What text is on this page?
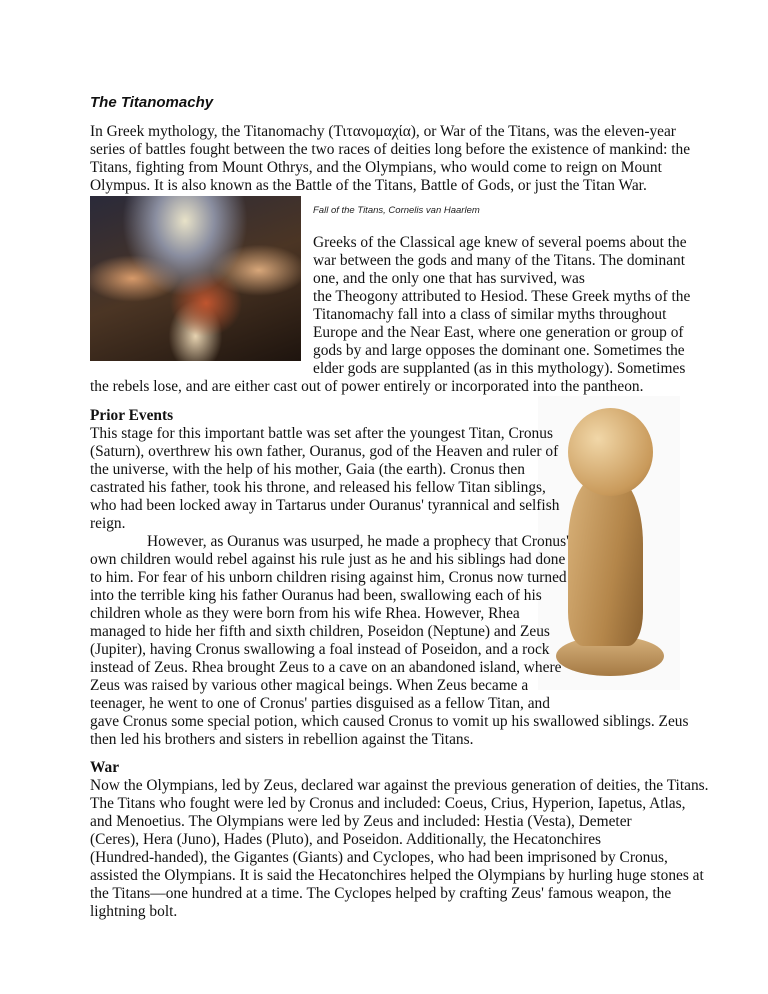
The Titanomachy
In Greek mythology, the Titanomachy (Τιτανομαχία), or War of the Titans, was the eleven-year
series of battles fought between the two races of deities long before the existence of mankind: the
Titans, fighting from Mount Othrys, and the Olympians, who would come to reign on Mount
Olympus. It is also known as the Battle of the Titans, Battle of Gods, or just the Titan War.
Fall of the Titans, Cornelis van Haarlem
Greeks of the Classical age knew of several poems about the
war between the gods and many of the Titans. The dominant
one, and the only one that has survived, was
the Theogony attributed to Hesiod. These Greek myths of the
Titanomachy fall into a class of similar myths throughout
Europe and the Near East, where one generation or group of
gods by and large opposes the dominant one. Sometimes the
elder gods are supplanted (as in this mythology). Sometimes
the rebels lose, and are either cast out of power entirely or incorporated into the pantheon.
Prior Events
This stage for this important battle was set after the youngest Titan, Cronus
(Saturn), overthrew his own father, Ouranus, god of the Heaven and ruler of
the universe, with the help of his mother, Gaia (the earth). Cronus then
castrated his father, took his throne, and released his fellow Titan siblings,
who had been locked away in Tartarus under Ouranus' tyrannical and selfish
reign.
However, as Ouranus was usurped, he made a prophecy that Cronus'
own children would rebel against his rule just as he and his siblings had done
to him. For fear of his unborn children rising against him, Cronus now turned
into the terrible king his father Ouranus had been, swallowing each of his
children whole as they were born from his wife Rhea. However, Rhea
managed to hide her fifth and sixth children, Poseidon (Neptune) and Zeus
(Jupiter), having Cronus swallowing a foal instead of Poseidon, and a rock
instead of Zeus. Rhea brought Zeus to a cave on an abandoned island, where
Zeus was raised by various other magical beings. When Zeus became a
teenager, he went to one of Cronus' parties disguised as a fellow Titan, and
gave Cronus some special potion, which caused Cronus to vomit up his swallowed siblings. Zeus
then led his brothers and sisters in rebellion against the Titans.
War
Now the Olympians, led by Zeus, declared war against the previous generation of deities, the Titans.
The Titans who fought were led by Cronus and included: Coeus, Crius, Hyperion, Iapetus, Atlas,
and Menoetius. The Olympians were led by Zeus and included: Hestia (Vesta), Demeter
(Ceres), Hera (Juno), Hades (Pluto), and Poseidon. Additionally, the Hecatonchires
(Hundred-handed), the Gigantes (Giants) and Cyclopes, who had been imprisoned by Cronus,
assisted the Olympians. It is said the Hecatonchires helped the Olympians by hurling huge stones at
the Titans—one hundred at a time. The Cyclopes helped by crafting Zeus' famous weapon, the
lightning bolt.
